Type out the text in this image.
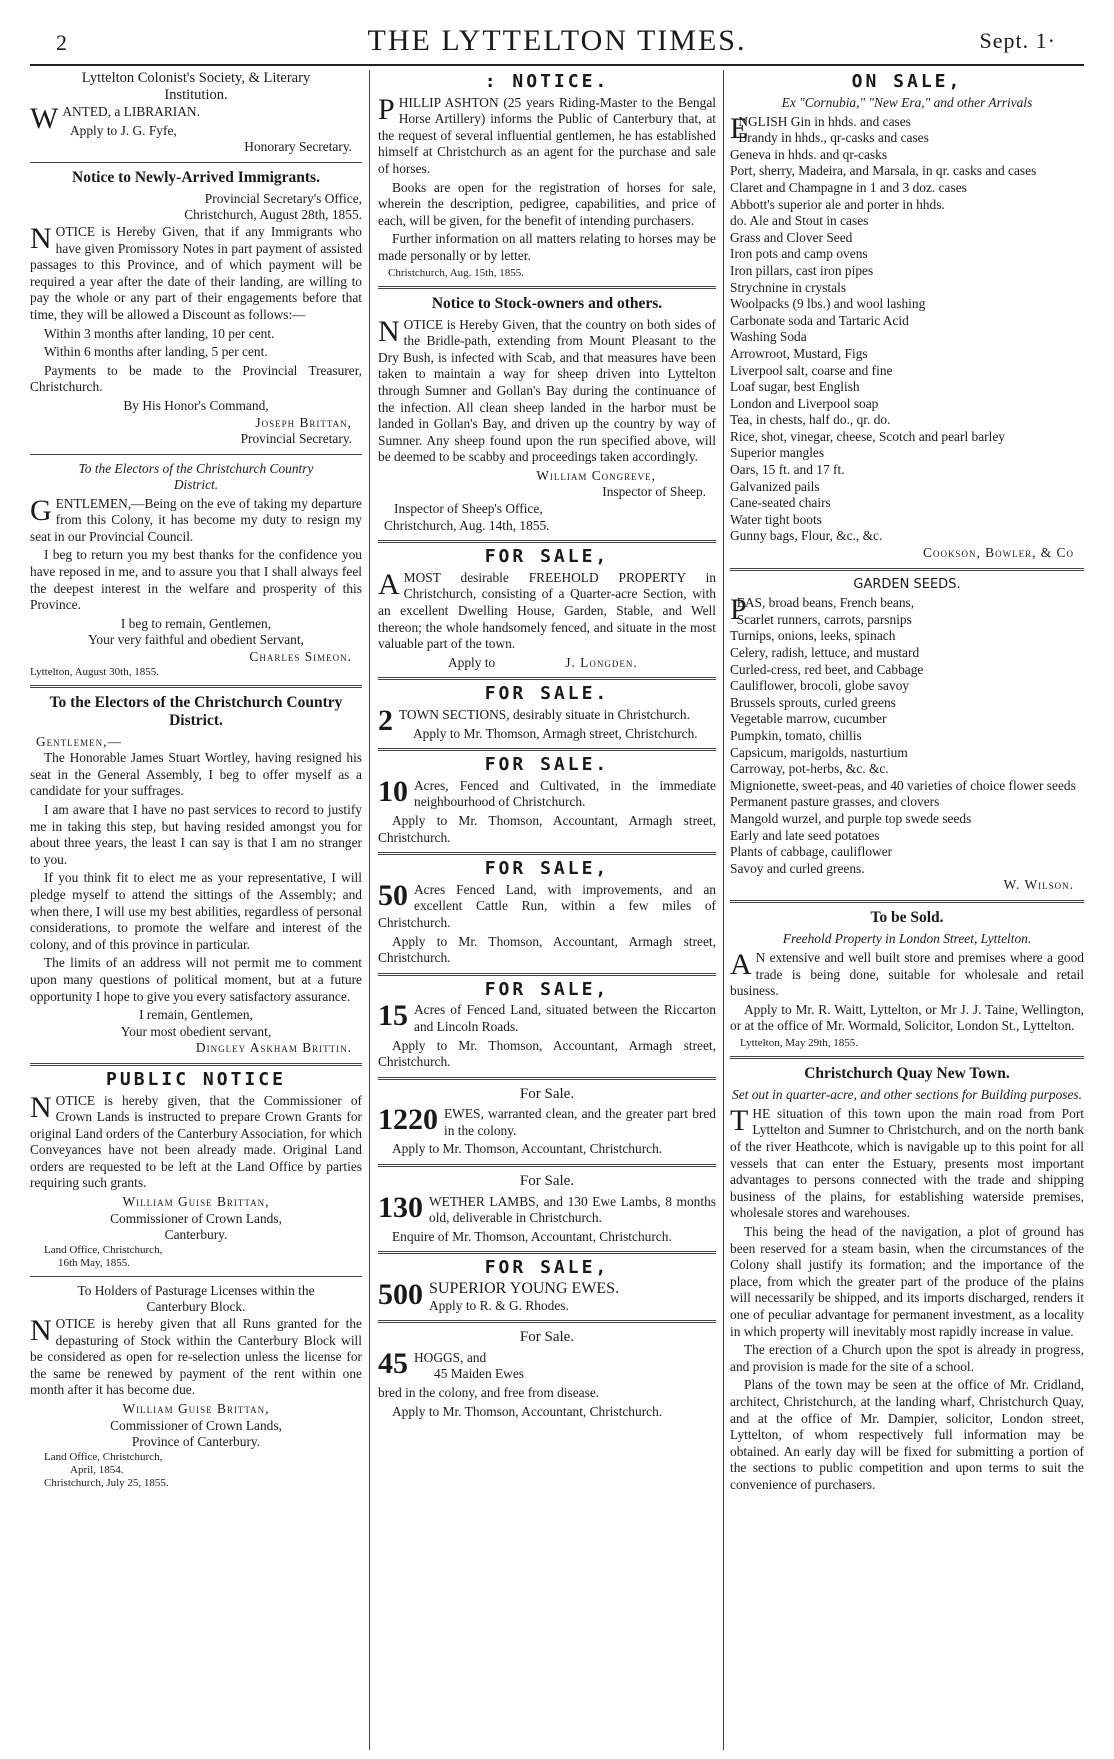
2	THE LYTTELTON TIMES.	Sept. 1·
Lyttelton Colonist's Society, & Literary
Institution.

WANTED, a LIBRARIAN.

Apply to J. G. Fyfe,
Honorary Secretary.
Notice to Newly-Arrived Immigrants.
Provincial Secretary's Office,
Christchurch, August 28th, 1855.

NOTICE is Hereby Given, that if any Immigrants who have given Promissory Notes in part payment of assisted passages to this Province, and of which payment will be required a year after the date of their landing, are willing to pay the whole or any part of their engagements before that time, they will be allowed a Discount as follows:—

Within 3 months after landing, 10 per cent.

Within 6 months after landing, 5 per cent.

Payments to be made to the Provincial Treasurer, Christchurch.

By His Honor's Command,
Joseph Brittan,
Provincial Secretary.
To the Electors of the Christchurch Country
District.

GENTLEMEN,—Being on the eve of taking my departure from this Colony, it has become my duty to resign my seat in our Provincial Council.

I beg to return you my best thanks for the confidence you have reposed in me, and to assure you that I shall always feel the deepest interest in the welfare and prosperity of this Province.

I beg to remain, Gentlemen,
Your very faithful and obedient Servant,
Charles Simeon.
Lyttelton, August 30th, 1855.
To the Electors of the Christchurch Country District.
Gentlemen,—

The Honorable James Stuart Wortley, having resigned his seat in the General Assembly, I beg to offer myself as a candidate for your suffrages.

I am aware that I have no past services to record to justify me in taking this step, but having resided amongst you for about three years, the least I can say is that I am no stranger to you.

If you think fit to elect me as your representative, I will pledge myself to attend the sittings of the Assembly; and when there, I will use my best abilities, regardless of personal considerations, to promote the welfare and interest of the colony, and of this province in particular.

The limits of an address will not permit me to comment upon many questions of political moment, but at a future opportunity I hope to give you every satisfactory assurance.

I remain, Gentlemen,
Your most obedient servant,
Dingley Askham Brittin.
PUBLIC NOTICE

NOTICE is hereby given, that the Commissioner of Crown Lands is instructed to prepare Crown Grants for original Land orders of the Canterbury Association, for which Conveyances have not been already made. Original Land orders are requested to be left at the Land Office by parties requiring such grants.

William Guise Brittan,
Commissioner of Crown Lands,
Canterbury.
Land Office, Christchurch,
16th May, 1855.
To Holders of Pasturage Licenses within the
Canterbury Block.

NOTICE is hereby given that all Runs granted for the depasturing of Stock within the Canterbury Block will be considered as open for re-selection unless the license for the same be renewed by payment of the rent within one month after it has become due.

William Guise Brittan,
Commissioner of Crown Lands,
Province of Canterbury.
Land Office, Christchurch,
April, 1854.
Christchurch, July 25, 1855.
: NOTICE.

PHILLIP ASHTON (25 years Riding-Master to the Bengal Horse Artillery) informs the Public of Canterbury that, at the request of several influential gentlemen, he has established himself at Christchurch as an agent for the purchase and sale of horses.

Books are open for the registration of horses for sale, wherein the description, pedigree, capabilities, and price of each, will be given, for the benefit of intending purchasers.

Further information on all matters relating to horses may be made personally or by letter.

Christchurch, Aug. 15th, 1855.
Notice to Stock-owners and others.

NOTICE is Hereby Given, that the country on both sides of the Bridle-path, extending from Mount Pleasant to the Dry Bush, is infected with Scab, and that measures have been taken to maintain a way for sheep driven into Lyttelton through Sumner and Gollan's Bay during the continuance of the infection. All clean sheep landed in the harbor must be landed in Gollan's Bay, and driven up the country by way of Sumner. Any sheep found upon the run specified above, will be deemed to be scabby and proceedings taken accordingly.

William Congreve,
Inspector of Sheep.
Inspector of Sheep's Office,
Christchurch, Aug. 14th, 1855.
FOR SALE,

AMOST desirable FREEHOLD PROPERTY in Christchurch, consisting of a Quarter-acre Section, with an excellent Dwelling House, Garden, Stable, and Well thereon; the whole handsomely fenced, and situate in the most valuable part of the town.

Apply to	J. Longden.
FOR SALE.

2 TOWN SECTIONS, desirably situate in Christchurch.

Apply to Mr. Thomson, Armagh street, Christchurch.

FOR SALE.

10 Acres, Fenced and Cultivated, in the immediate neighbourhood of Christchurch.

Apply to Mr. Thomson, Accountant, Armagh street, Christchurch.

FOR SALE,

50 Acres Fenced Land, with improvements, and an excellent Cattle Run, within a few miles of Christchurch.

Apply to Mr. Thomson, Accountant, Armagh street, Christchurch.

FOR SALE,

15 Acres of Fenced Land, situated between the Riccarton and Lincoln Roads.

Apply to Mr. Thomson, Accountant, Armagh street, Christchurch.

For Sale.

1220 EWES, warranted clean, and the greater part bred in the colony.

Apply to Mr. Thomson, Accountant, Christchurch.

For Sale.

130 WETHER LAMBS, and 130 Ewe Lambs, 8 months old, deliverable in Christchurch.

Enquire of Mr. Thomson, Accountant, Christchurch.

FOR SALE,

500 SUPERIOR YOUNG EWES.
Apply to R. & G. Rhodes.

For Sale.

45 HOGGS, and
45 Maiden Ewes

bred in the colony, and free from disease.

Apply to Mr. Thomson, Accountant, Christchurch.

ON SALE,
Ex "Cornubia," "New Era," and other Arrivals
E
NGLISH Gin in hhds. and cases
Brandy in hhds., qr-casks and cases
Geneva in hhds. and qr-casks
Port, sherry, Madeira, and Marsala, in qr. casks and cases
Claret and Champagne in 1 and 3 doz. cases
Abbott's superior ale and porter in hhds.
do. Ale and Stout in cases
Grass and Clover Seed
Iron pots and camp ovens
Iron pillars, cast iron pipes
Strychnine in crystals
Woolpacks (9 lbs.) and wool lashing
Carbonate soda and Tartaric Acid
Washing Soda
Arrowroot, Mustard, Figs
Liverpool salt, coarse and fine
Loaf sugar, best English
London and Liverpool soap
Tea, in chests, half do., qr. do.
Rice, shot, vinegar, cheese, Scotch and pearl barley
Superior mangles
Oars, 15 ft. and 17 ft.
Galvanized pails
Cane-seated chairs
Water tight boots
Gunny bags, Flour, &c., &c.
Cookson, Bowler, & Co
GARDEN SEEDS.
P
EAS, broad beans, French beans,
Scarlet runners, carrots, parsnips
Turnips, onions, leeks, spinach
Celery, radish, lettuce, and mustard
Curled-cress, red beet, and Cabbage
Cauliflower, brocoli, globe savoy
Brussels sprouts, curled greens
Vegetable marrow, cucumber
Pumpkin, tomato, chillis
Capsicum, marigolds, nasturtium
Carroway, pot-herbs, &c. &c.
Mignionette, sweet-peas, and 40 varieties of choice flower seeds
Permanent pasture grasses, and clovers
Mangold wurzel, and purple top swede seeds
Early and late seed potatoes
Plants of cabbage, cauliflower
Savoy and curled greens.
W. Wilson.
To be Sold.
Freehold Property in London Street, Lyttelton.

A N extensive and well built store and premises where a good trade is being done, suitable for wholesale and retail business.

Apply to Mr. R. Waitt, Lyttelton, or Mr J. J. Taine, Wellington, or at the office of Mr. Wormald, Solicitor, London St., Lyttelton.

Lyttelton, May 29th, 1855.
Christchurch Quay New Town.
Set out in quarter-acre, and other sections for Building purposes.

THE situation of this town upon the main road from Port Lyttelton and Sumner to Christchurch, and on the north bank of the river Heathcote, which is navigable up to this point for all vessels that can enter the Estuary, presents most important advantages to persons connected with the trade and shipping business of the plains, for establishing waterside premises, wholesale stores and warehouses.

This being the head of the navigation, a plot of ground has been reserved for a steam basin, when the circumstances of the Colony shall justify its formation; and the importance of the place, from which the greater part of the produce of the plains will necessarily be shipped, and its imports discharged, renders it one of peculiar advantage for permanent investment, as a locality in which property will inevitably most rapidly increase in value.

The erection of a Church upon the spot is already in progress, and provision is made for the site of a school.

Plans of the town may be seen at the office of Mr. Cridland, architect, Christchurch, at the landing wharf, Christchurch Quay, and at the office of Mr. Dampier, solicitor, London street, Lyttelton, of whom respectively full information may be obtained. An early day will be fixed for submitting a portion of the sections to public competition and upon terms to suit the convenience of purchasers.
